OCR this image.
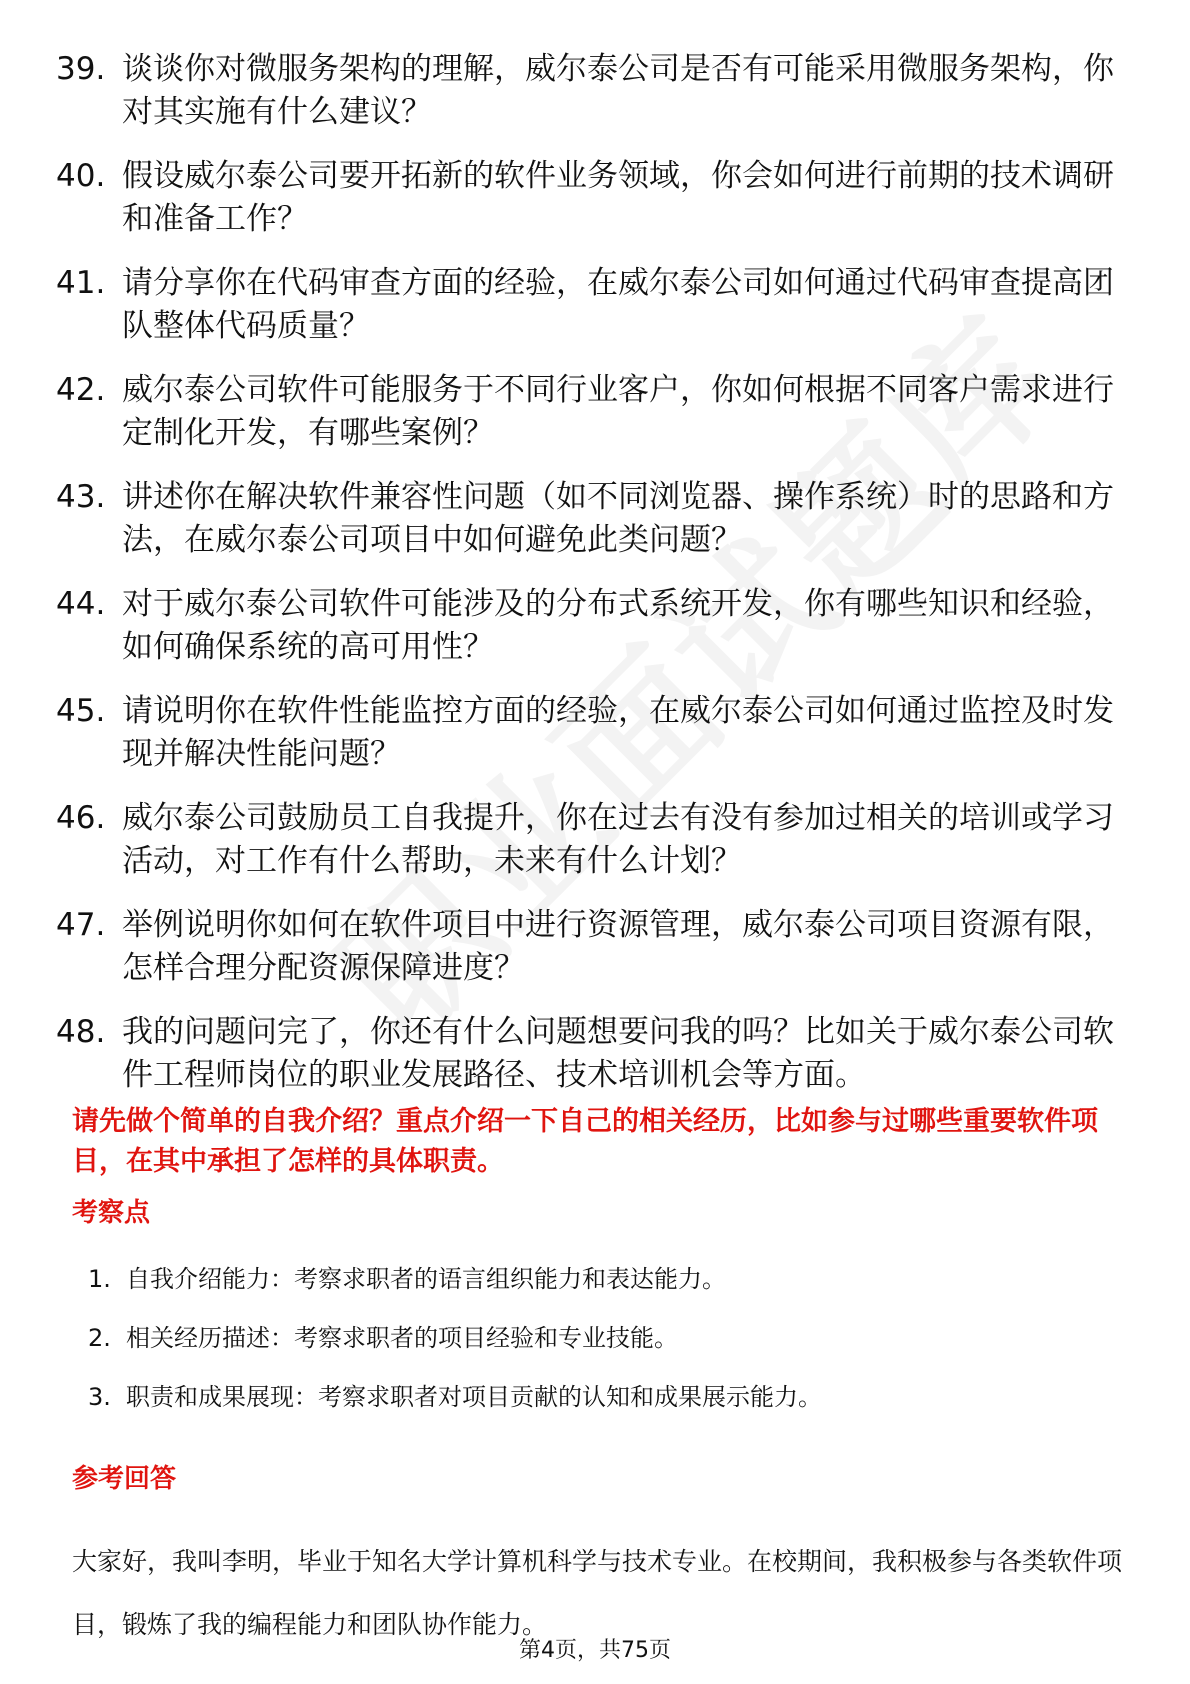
39. 谈谈你对微服务架构的理解，威尔泰公司是否有可能采用微服务架构，你对其实施有什么建议？
40. 假设威尔泰公司要开拓新的软件业务领域，你会如何进行前期的技术调研和准备工作？
41. 请分享你在代码审查方面的经验，在威尔泰公司如何通过代码审查提高团队整体代码质量？
42. 威尔泰公司软件可能服务于不同行业客户，你如何根据不同客户需求进行定制化开发，有哪些案例？
43. 讲述你在解决软件兼容性问题（如不同浏览器、操作系统）时的思路和方法，在威尔泰公司项目中如何避免此类问题？
44. 对于威尔泰公司软件可能涉及的分布式系统开发，你有哪些知识和经验，如何确保系统的高可用性？
45. 请说明你在软件性能监控方面的经验，在威尔泰公司如何通过监控及时发现并解决性能问题？
46. 威尔泰公司鼓励员工自我提升，你在过去有没有参加过相关的培训或学习活动，对工作有什么帮助，未来有什么计划？
47. 举例说明你如何在软件项目中进行资源管理，威尔泰公司项目资源有限，怎样合理分配资源保障进度？
48. 我的问题问完了，你还有什么问题想要问我的吗？比如关于威尔泰公司软件工程师岗位的职业发展路径、技术培训机会等方面。
请先做个简单的自我介绍？重点介绍一下自己的相关经历，比如参与过哪些重要软件项目，在其中承担了怎样的具体职责。
考察点
1. 自我介绍能力：考察求职者的语言组织能力和表达能力。
2. 相关经历描述：考察求职者的项目经验和专业技能。
3. 职责和成果展现：考察求职者对项目贡献的认知和成果展示能力。
参考回答
大家好，我叫李明，毕业于知名大学计算机科学与技术专业。在校期间，我积极参与各类软件项目，锻炼了我的编程能力和团队协作能力。
第4页，共75页
